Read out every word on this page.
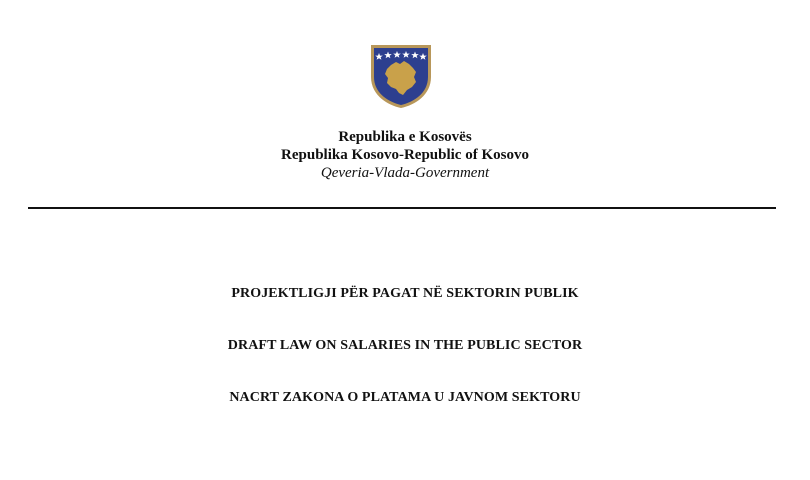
Republika e Kosovës
Republika Kosovo-Republic of Kosovo
Qeveria-Vlada-Government
PROJEKTLIGJI PËR PAGAT NË SEKTORIN PUBLIK
DRAFT LAW ON SALARIES IN THE PUBLIC SECTOR
NACRT ZAKONA O PLATAMA U JAVNOM SEKTORU
